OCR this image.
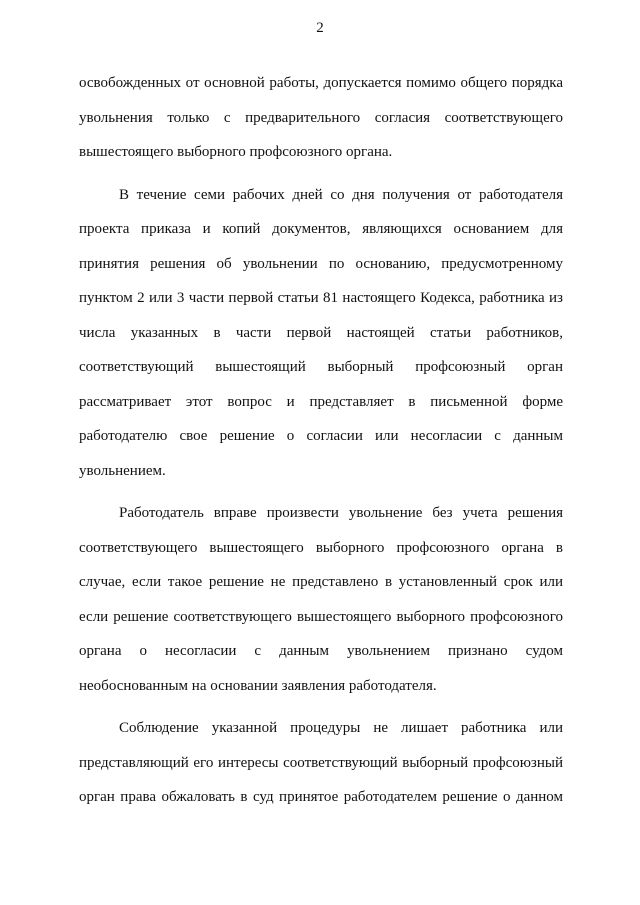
2

освобожденных от основной работы, допускается помимо общего порядка
увольнения только с предварительного согласия соответствующего
вышестоящего выборного профсоюзного органа.

В течение семи рабочих дней со дня получения от работодателя
проекта приказа и копий документов, являющихся основанием для
принятия решения об увольнении по основанию, предусмотренному
пунктом 2 или 3 части первой статьи 81 настоящего Кодекса, работника из
числа указанных в части первой настоящей статьи работников,
соответствующий вышестоящий выборный профсоюзный орган
рассматривает этот вопрос и представляет в письменной форме
работодателю свое решение о согласии или несогласии с данным
увольнением.

Работодатель вправе произвести увольнение без учета решения
соответствующего вышестоящего выборного профсоюзного органа в
случае, если такое решение не представлено в установленный срок или
если решение соответствующего вышестоящего выборного профсоюзного
органа о несогласии с данным увольнением признано судом
необоснованным на основании заявления работодателя.

Соблюдение указанной процедуры не лишает работника или
представляющий его интересы соответствующий выборный профсоюзный
орган права обжаловать в суд принятое работодателем решение о данном
